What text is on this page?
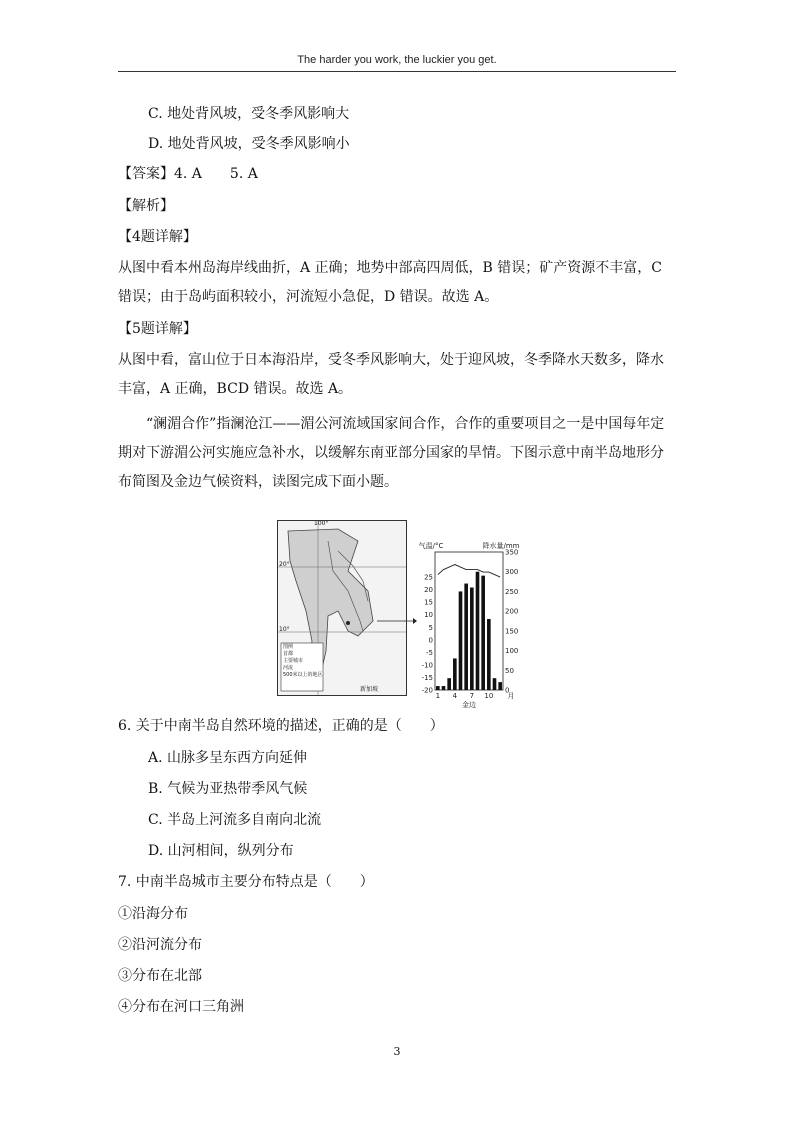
The harder you work, the luckier you get.
C. 地处背风坡，受冬季风影响大
D. 地处背风坡，受冬季风影响小
【答案】4. A　　5. A
【解析】
【4题详解】

从图中看本州岛海岸线曲折，A 正确；地势中部高四周低，B 错误；矿产资源不丰富，C 错误；由于岛屿面积较小，河流短小急促，D 错误。故选 A。

【5题详解】

从图中看，富山位于日本海沿岸，受冬季风影响大，处于迎风坡，冬季降水天数多，降水丰富，A 正确，BCD 错误。故选 A。

“澜湄合作”指澜沧江——湄公河流域国家间合作，合作的重要项目之一是中国每年定期对下游湄公河实施应急补水，以缓解东南亚部分国家的旱情。下图示意中南半岛地形分布简图及金边气候资料，读图完成下面小题。

100°
20°
10°
图例
首都
主要城市
河流
500米以上的地区
新加坡
25
20
15
10
5
0
-5
-10
-15
-20
350
300
250
200
150
100
50
0
1 4 7 10 月
气温/°C	降水量/mm
金边
6. 关于中南半岛自然环境的描述，正确的是（　　）
A. 山脉多呈东西方向延伸
B. 气候为亚热带季风气候
C. 半岛上河流多自南向北流
D. 山河相间，纵列分布
7. 中南半岛城市主要分布特点是（　　）
①沿海分布
②沿河流分布
③分布在北部
④分布在河口三角洲
3
